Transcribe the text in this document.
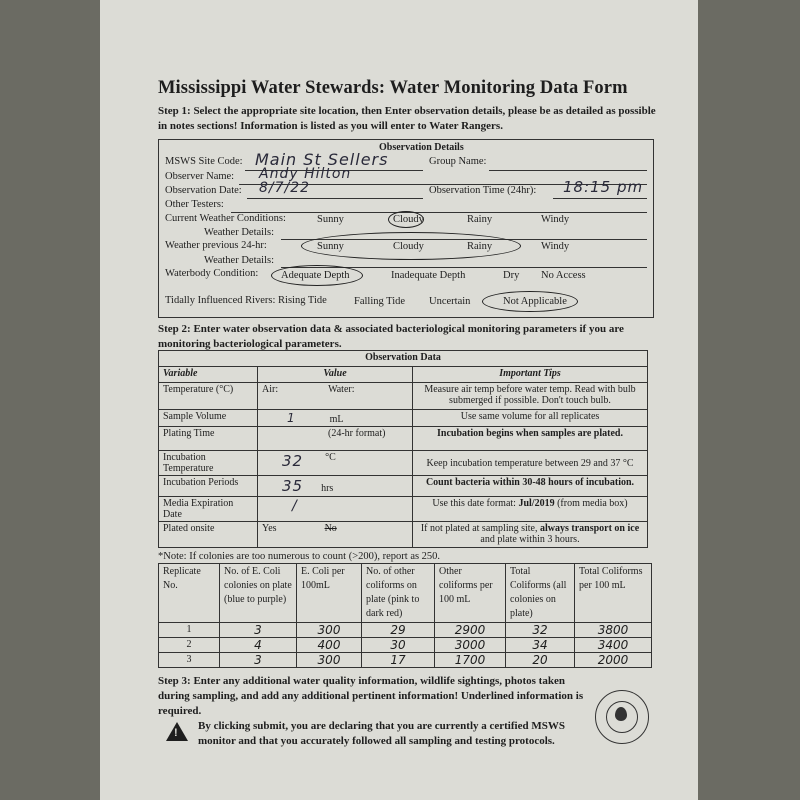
Mississippi Water Stewards: Water Monitoring Data Form
Step 1: Select the appropriate site location, then Enter observation details, please be as detailed as possible in notes sections! Information is listed as you will enter to Water Rangers.
Observation Details
MSWS Site Code: Main St Sellers	Group Name:
Observer Name: Andy Hilton
Observation Date: 8/7/22	Observation Time (24hr): 18:15 pm
Other Testers:
Current Weather Conditions:	Sunny	Cloudy	Rainy	Windy
Weather Details:
Weather previous 24-hr:	Sunny	Cloudy	Rainy	Windy
Weather Details:
Waterbody Condition: Adequate Depth	Inadequate Depth	Dry No Access
Tidally Influenced Rivers: Rising Tide	Falling Tide Uncertain	Not Applicable
Step 2: Enter water observation data & associated bacteriological monitoring parameters if you are monitoring bacteriological parameters.
Observation Data		
Variable	Value	Important Tips
Temperature (°C)	Air: Water:	Measure air temp before water temp. Read with bulb submerged if possible. Don't touch bulb.
Sample Volume	1 mL	Use same volume for all replicates
Plating Time	(24-hr format)	Incubation begins when samples are plated.
Incubation Temperature	32 °C	Keep incubation temperature between 29 and 37 °C
Incubation Periods	35 hrs	Count bacteria within 30-48 hours of incubation.
Media Expiration Date	/	Use this date format: Jul/2019 (from media box)
Plated onsite	Yes No	If not plated at sampling site, always transport on ice and plate within 3 hours.
*Note: If colonies are too numerous to count (>200), report as 250.
Replicate No.	No. of E. Coli colonies on plate (blue to purple)	E. Coli per 100mL	No. of other coliforms on plate (pink to dark red)	Other coliforms per 100 mL	Total Coliforms (all colonies on plate)	Total Coliforms per 100 mL
1	3	300	29	2900	32	3800
2	4	400	30	3000	34	3400
3	3	300	17	1700	20	2000
Step 3: Enter any additional water quality information, wildlife sightings, photos taken during sampling, and add any additional pertinent information! Underlined information is required.
!
By clicking submit, you are declaring that you are currently a certified MSWS monitor and that you accurately followed all sampling and testing protocols.
